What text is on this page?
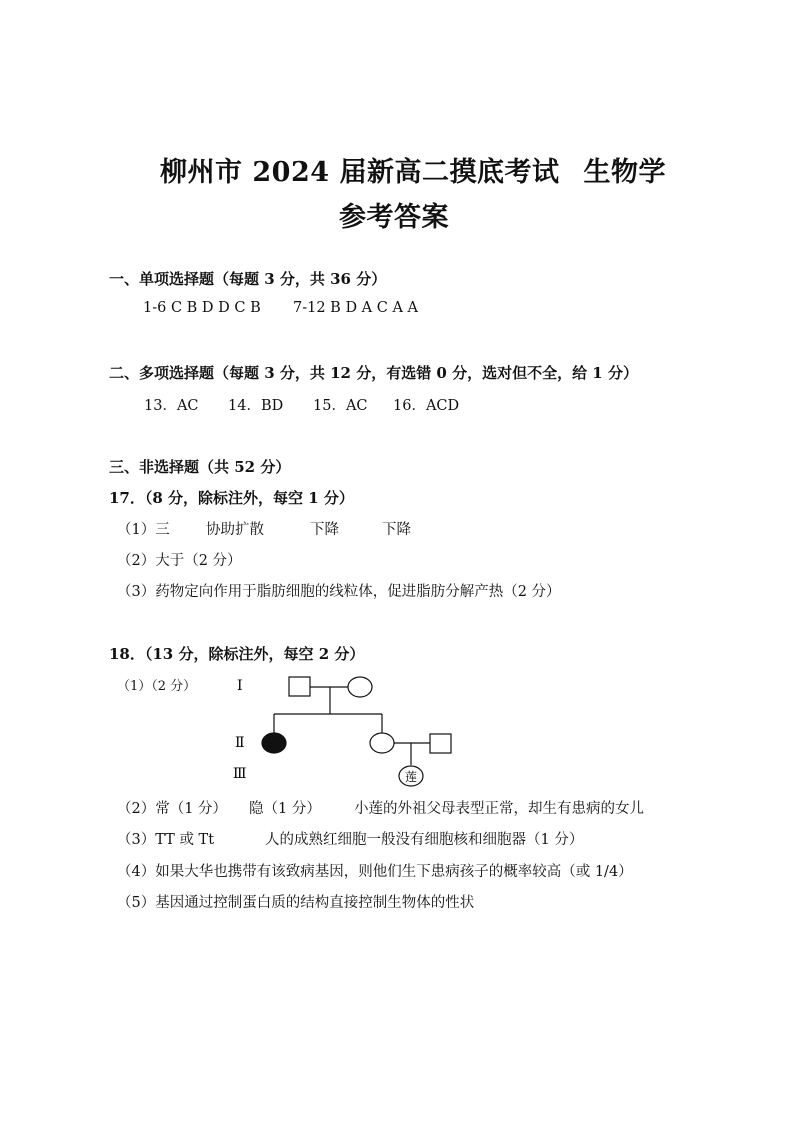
柳州市 2024 届新高二摸底考试 生物学
参考答案
一、单项选择题（每题 3 分，共 36 分）
1-6 C B D D C B 7-12 B D A C A A
二、多项选择题（每题 3 分，共 12 分，有选错 0 分，选对但不全，给 1 分）
13．AC 14．BD 15．AC 16．ACD
三、非选择题（共 52 分）
17．（8 分，除标注外，每空 1 分）
（1）三	协助扩散	下降	下降
（2）大于（2 分）
（3）药物定向作用于脂肪细胞的线粒体，促进脂肪分解产热（2 分）
18．（13 分，除标注外，每空 2 分）
（1）（2 分）	Ⅰ
Ⅱ
Ⅲ	莲
（2）常（1 分） 隐（1 分） 小莲的外祖父母表型正常，却生有患病的女儿
（3）TT 或 Tt	人的成熟红细胞一般没有细胞核和细胞器（1 分）
（4）如果大华也携带有该致病基因，则他们生下患病孩子的概率较高（或 1/4）
（5）基因通过控制蛋白质的结构直接控制生物体的性状
